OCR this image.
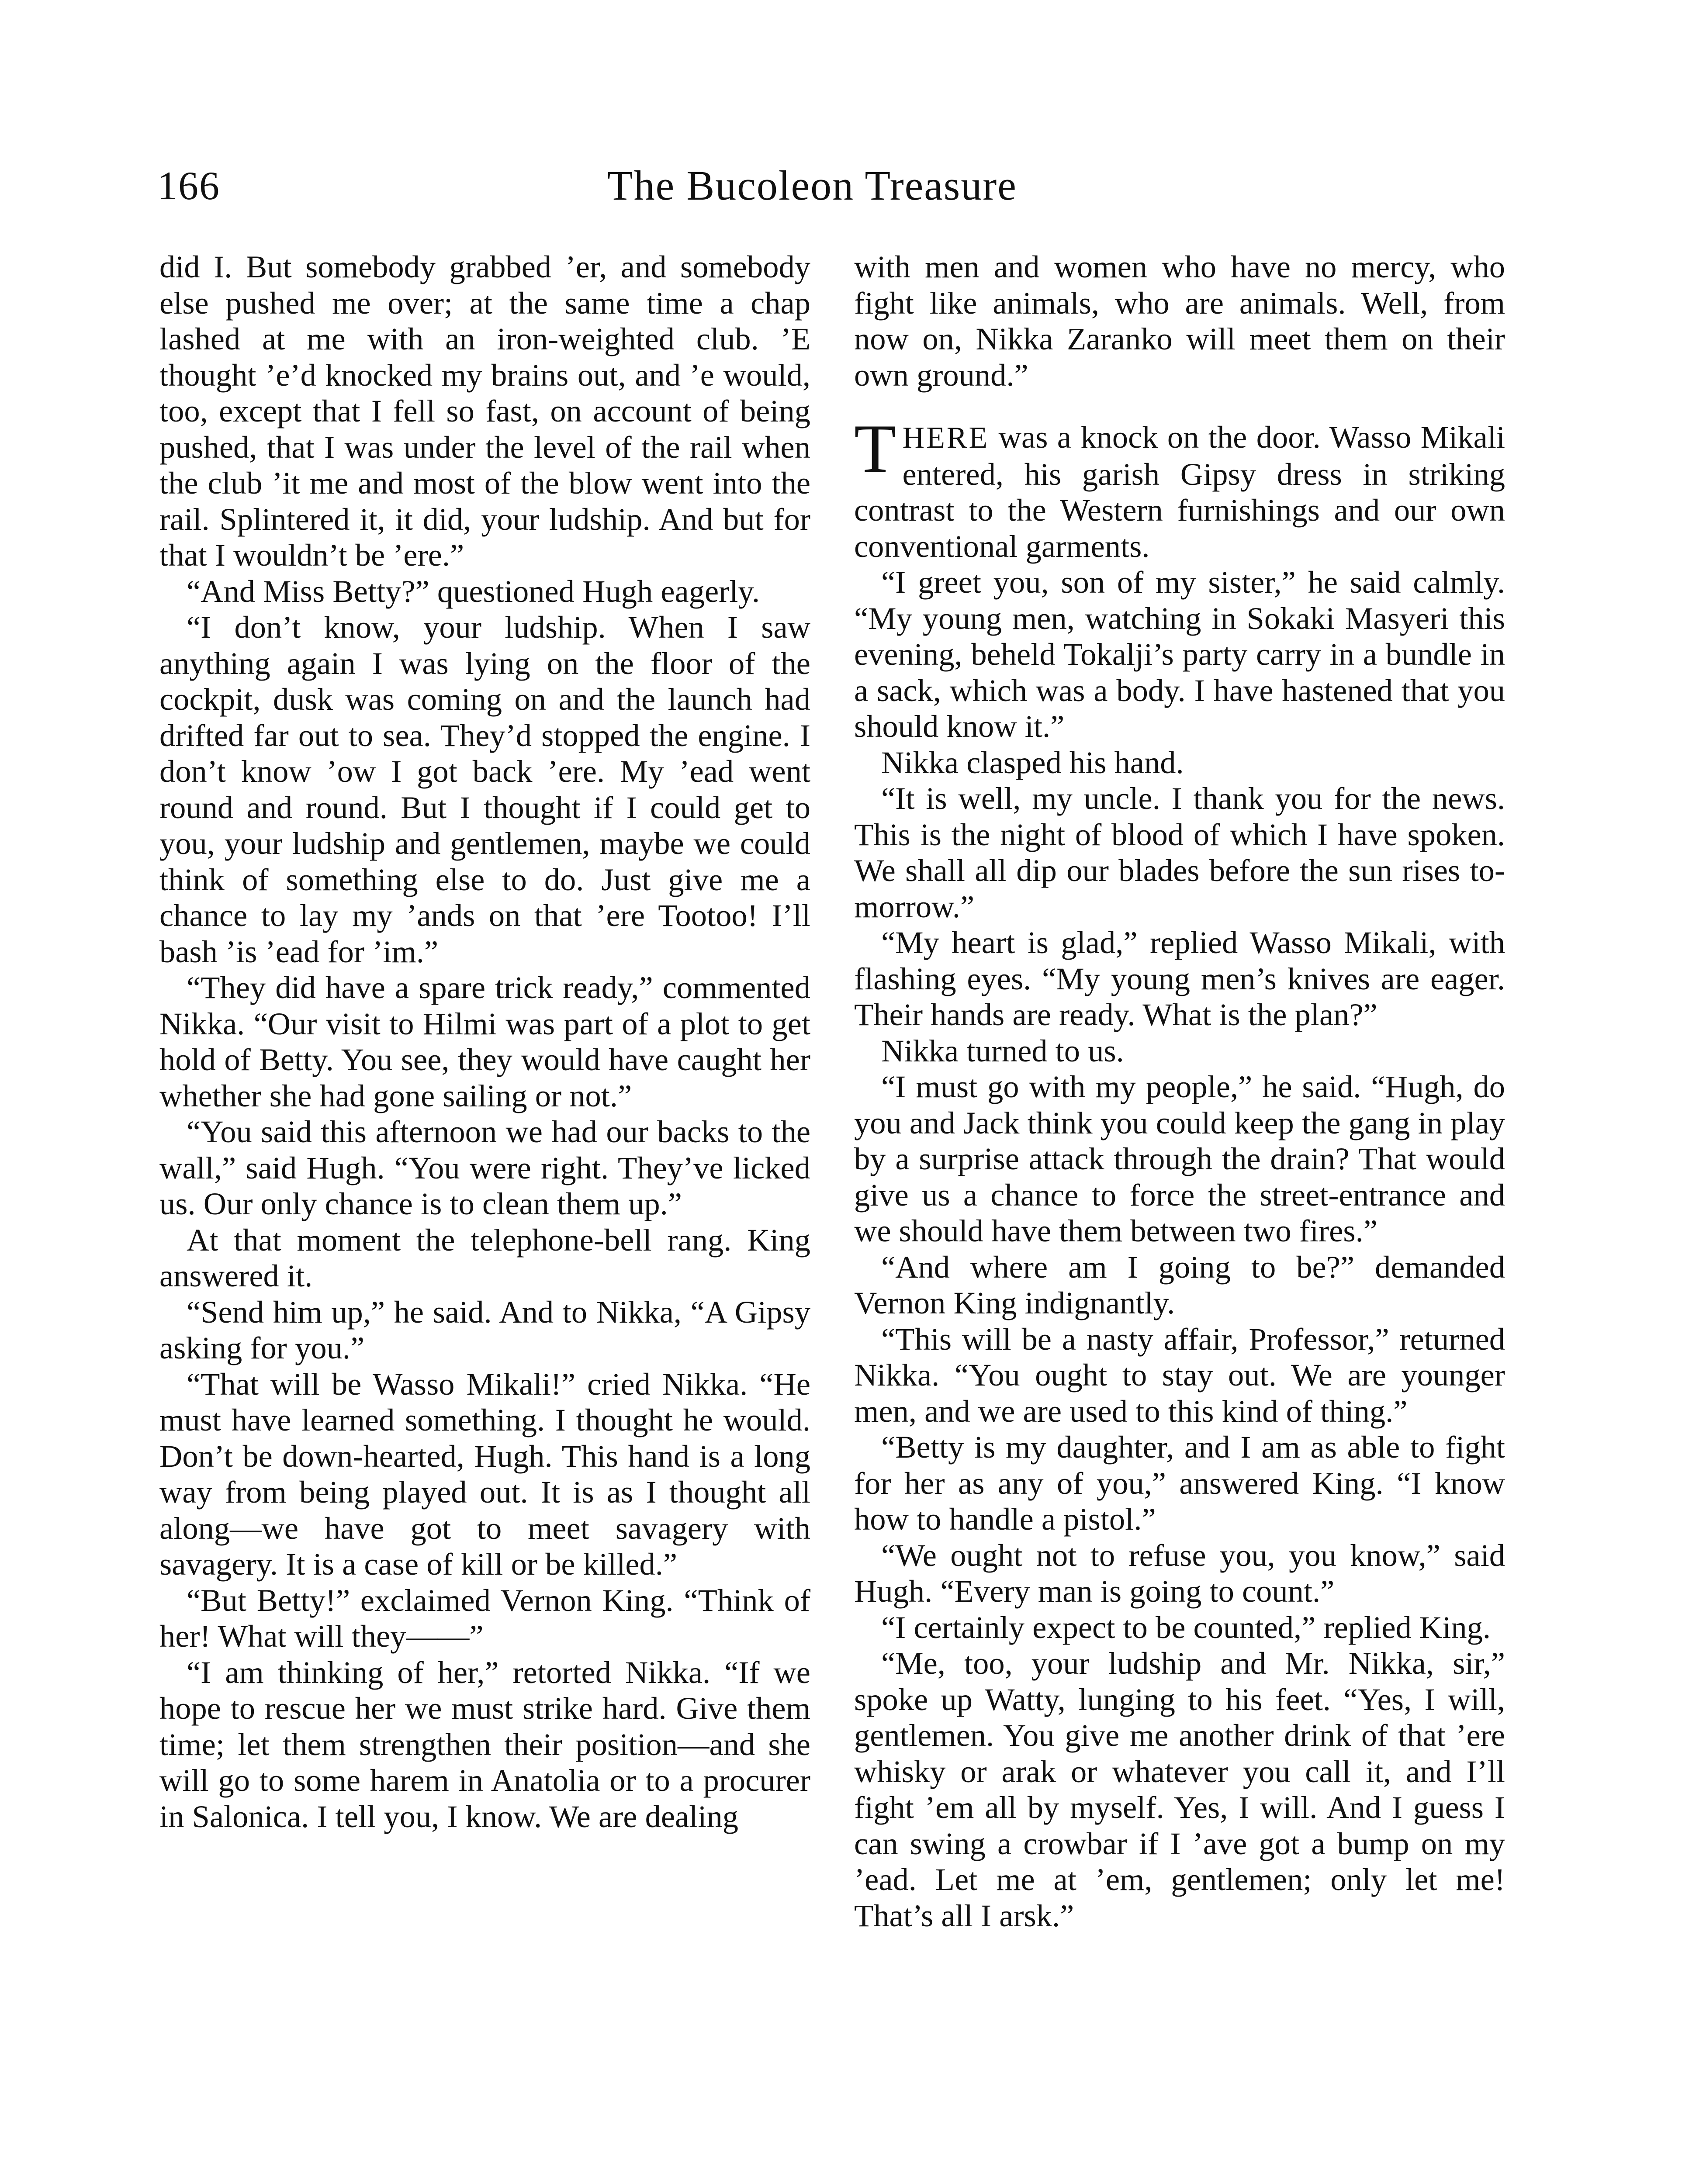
166	The Bucoleon Treasure

did I. But somebody grabbed ’er, and somebody else pushed me over; at the same time a chap lashed at me with an iron-weighted club. ’E thought ’e’d knocked my brains out, and ’e would, too, except that I fell so fast, on account of being pushed, that I was under the level of the rail when the club ’it me and most of the blow went into the rail. Splintered it, it did, your ludship. And but for that I wouldn’t be ’ere.”

“And Miss Betty?” questioned Hugh eagerly.

“I don’t know, your ludship. When I saw anything again I was lying on the floor of the cockpit, dusk was coming on and the launch had drifted far out to sea. They’d stopped the engine. I don’t know ’ow I got back ’ere. My ’ead went round and round. But I thought if I could get to you, your ludship and gentlemen, maybe we could think of something else to do. Just give me a chance to lay my ’ands on that ’ere Tootoo! I’ll bash ’is ’ead for ’im.”

“They did have a spare trick ready,” commented Nikka. “Our visit to Hilmi was part of a plot to get hold of Betty. You see, they would have caught her whether she had gone sailing or not.”

“You said this afternoon we had our backs to the wall,” said Hugh. “You were right. They’ve licked us. Our only chance is to clean them up.”

At that moment the telephone-bell rang. King answered it.

“Send him up,” he said. And to Nikka, “A Gipsy asking for you.”

“That will be Wasso Mikali!” cried Nikka. “He must have learned something. I thought he would. Don’t be down-hearted, Hugh. This hand is a long way from being played out. It is as I thought all along—we have got to meet savagery with savagery. It is a case of kill or be killed.”

“But Betty!” exclaimed Vernon King. “Think of her! What will they——”

“I am thinking of her,” retorted Nikka. “If we hope to rescue her we must strike hard. Give them time; let them strengthen their position—and she will go to some harem in Anatolia or to a procurer in Salonica. I tell you, I know. We are dealing

with men and women who have no mercy, who fight like animals, who are animals. Well, from now on, Nikka Zaranko will meet them on their own ground.”

THERE was a knock on the door. Wasso Mikali entered, his garish Gipsy dress in striking contrast to the Western furnishings and our own conventional garments.

“I greet you, son of my sister,” he said calmly. “My young men, watching in Sokaki Masyeri this evening, beheld Tokalji’s party carry in a bundle in a sack, which was a body. I have hastened that you should know it.”

Nikka clasped his hand.

“It is well, my uncle. I thank you for the news. This is the night of blood of which I have spoken. We shall all dip our blades before the sun rises to-morrow.”

“My heart is glad,” replied Wasso Mikali, with flashing eyes. “My young men’s knives are eager. Their hands are ready. What is the plan?”

Nikka turned to us.

“I must go with my people,” he said. “Hugh, do you and Jack think you could keep the gang in play by a surprise attack through the drain? That would give us a chance to force the street-entrance and we should have them between two fires.”

“And where am I going to be?” demanded Vernon King indignantly.

“This will be a nasty affair, Professor,” returned Nikka. “You ought to stay out. We are younger men, and we are used to this kind of thing.”

“Betty is my daughter, and I am as able to fight for her as any of you,” answered King. “I know how to handle a pistol.”

“We ought not to refuse you, you know,” said Hugh. “Every man is going to count.”

“I certainly expect to be counted,” replied King.

“Me, too, your ludship and Mr. Nikka, sir,” spoke up Watty, lunging to his feet. “Yes, I will, gentlemen. You give me another drink of that ’ere whisky or arak or whatever you call it, and I’ll fight ’em all by myself. Yes, I will. And I guess I can swing a crowbar if I ’ave got a bump on my ’ead. Let me at ’em, gentlemen; only let me! That’s all I arsk.”
